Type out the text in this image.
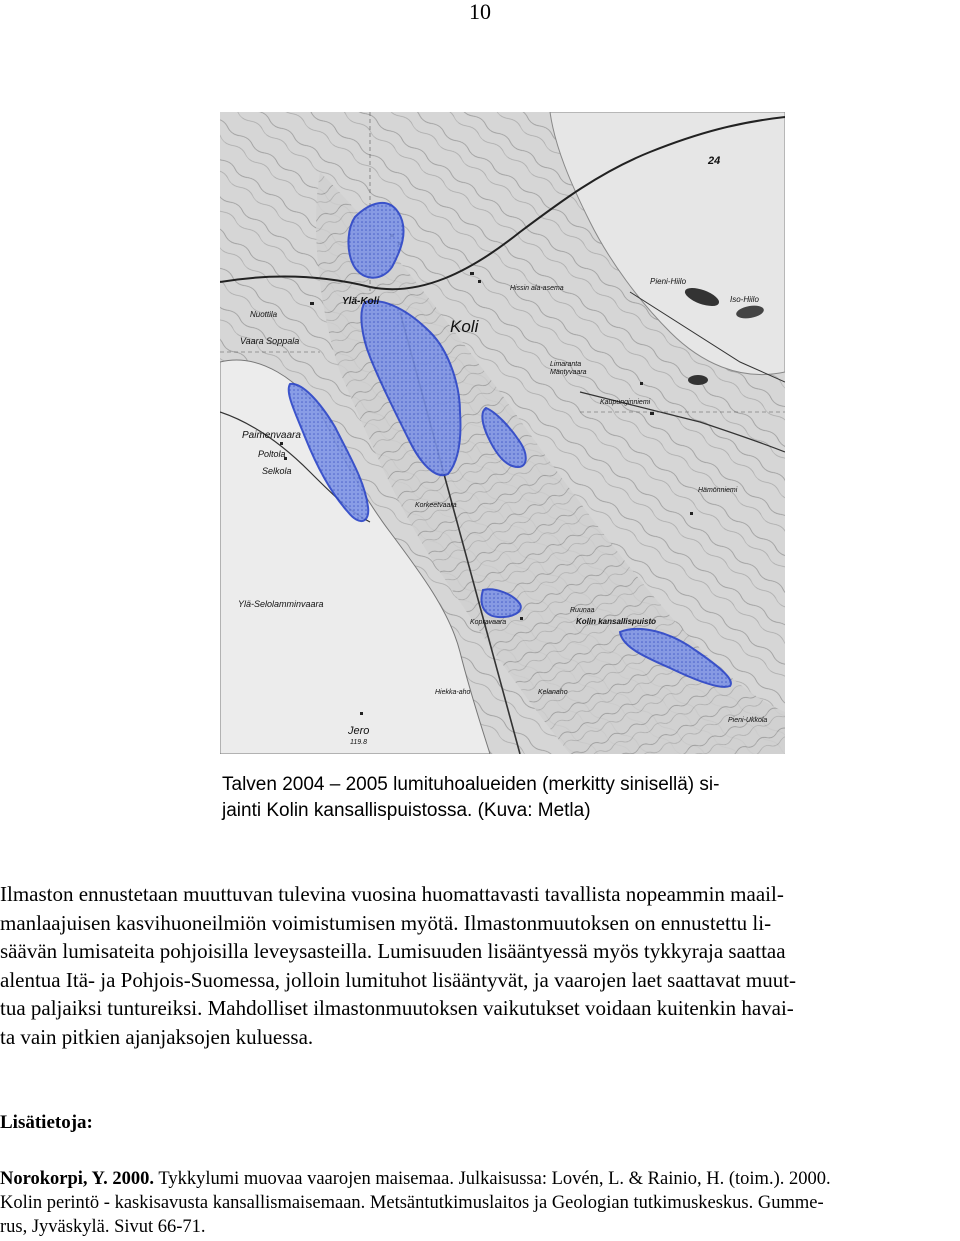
10
Koli
Ylä-Koli
Paimenvaara
Poltola
Selkola
Ylä-Selolamminvaara
Nuottila
Vaara Soppala
Hissin ala-asema
Pieni-Hiilo
Iso-Hiilo
24
Limaranta
Mäntyvaara
Kaupunginniemi
Korkeetvaara
Kopravaara	Kolin kansallispuisto
Ruunaa
Hiekka-aho	Kelanaho
Hämönniemi
Pieni-Ukkola
Jero
119.8
Talven 2004 – 2005 lumituhoalueiden (merkitty sinisellä) si-
jainti Kolin kansallispuistossa. (Kuva: Metla)
Ilmaston ennustetaan muuttuvan tulevina vuosina huomattavasti tavallista nopeammin maail-
manlaajuisen kasvihuoneilmiön voimistumisen myötä. Ilmastonmuutoksen on ennustettu li-
säävän lumisateita pohjoisilla leveysasteilla. Lumisuuden lisääntyessä myös tykkyraja saattaa
alentua Itä- ja Pohjois-Suomessa, jolloin lumituhot lisääntyvät, ja vaarojen laet saattavat muut-
tua paljaiksi tuntureiksi. Mahdolliset ilmastonmuutoksen vaikutukset voidaan kuitenkin havai-
ta vain pitkien ajanjaksojen kuluessa.
Lisätietoja:
Norokorpi, Y. 2000. Tykkylumi muovaa vaarojen maisemaa. Julkaisussa: Lovén, L. & Rainio, H. (toim.). 2000.
Kolin perintö - kaskisavusta kansallismaisemaan. Metsäntutkimuslaitos ja Geologian tutkimuskeskus. Gumme-
rus, Jyväskylä. Sivut 66-71.
